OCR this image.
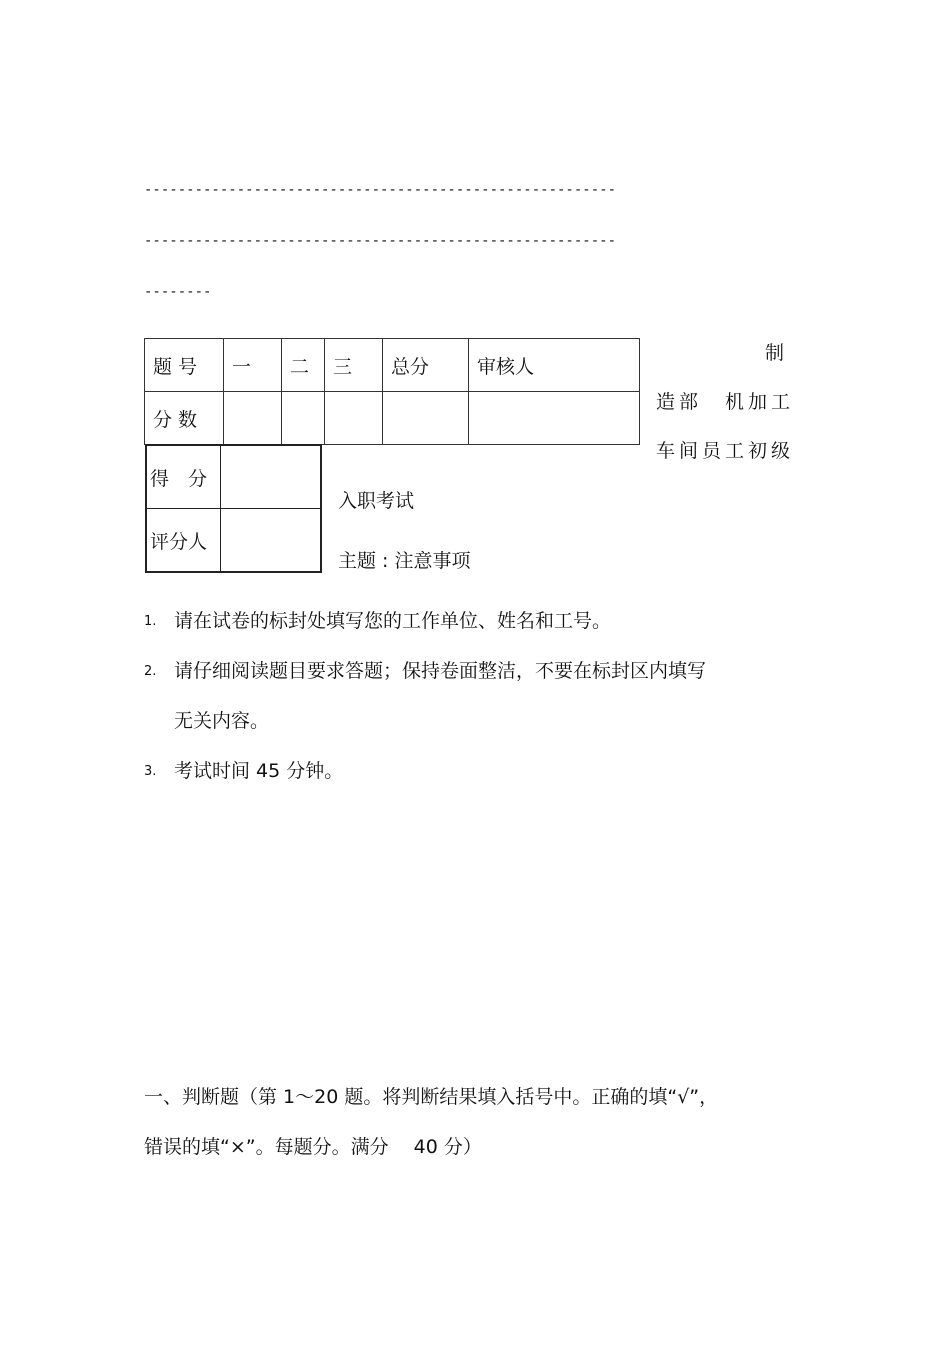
--------------------------------------------------------
--------------------------------------------------------
--------
题 号	一	二	三	总分	审核人
分 数					
得　分	
评分人	
制
造部　机加工
车间员工初级
入职考试
主题 : 注意事项
1. 请在试卷的标封处填写您的工作单位、姓名和工号。
2. 请仔细阅读题目要求答题；保持卷面整洁，不要在标封区内填写
无关内容。
3. 考试时间 45 分钟。
一、判断题（第 1～20 题。将判断结果填入括号中。正确的填“√”，
错误的填“×”。每题分。满分　 40 分）
